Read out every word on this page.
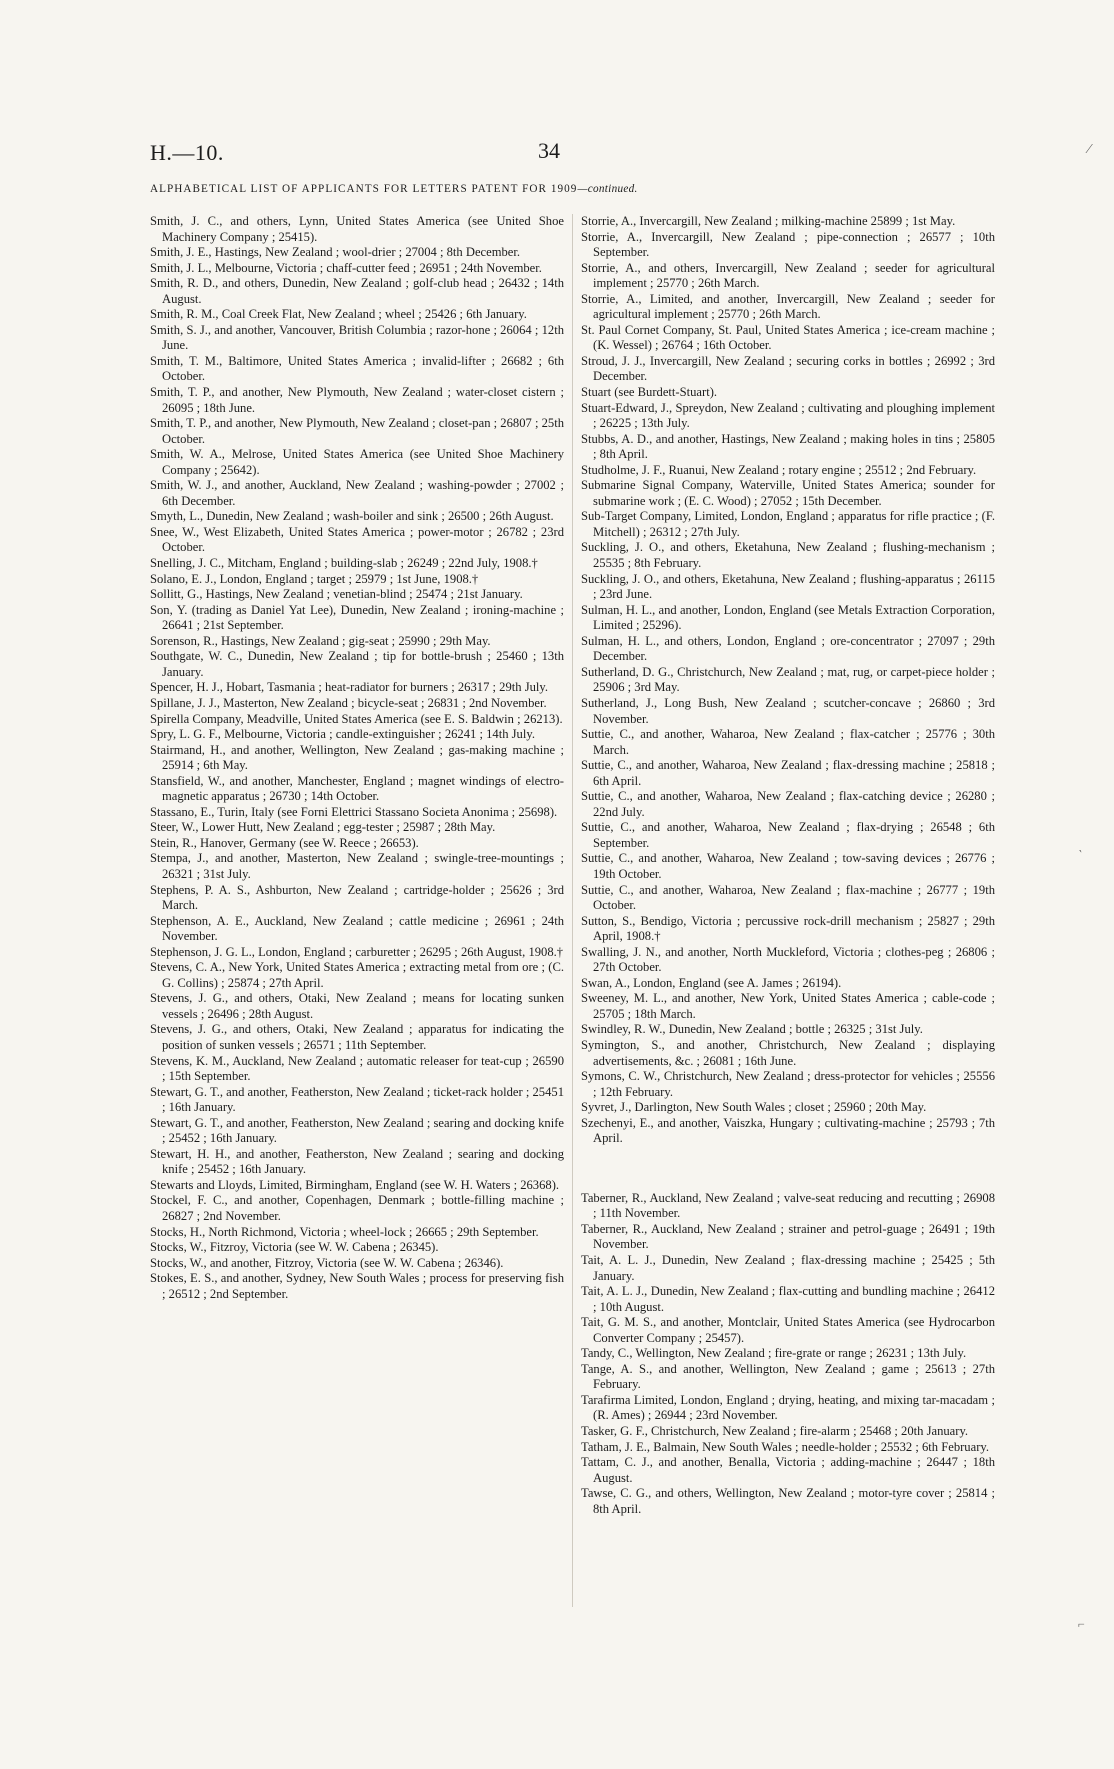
H.—10.	34
ALPHABETICAL LIST OF APPLICANTS FOR LETTERS PATENT FOR 1909—continued.
Smith, J. C., and others, Lynn, United States America (see United Shoe Machinery Company ; 25415).
Smith, J. E., Hastings, New Zealand ; wool-drier ; 27004 ; 8th December.
Smith, J. L., Melbourne, Victoria ; chaff-cutter feed ; 26951 ; 24th November.
Smith, R. D., and others, Dunedin, New Zealand ; golf-club head ; 26432 ; 14th August.
Smith, R. M., Coal Creek Flat, New Zealand ; wheel ; 25426 ; 6th January.
Smith, S. J., and another, Vancouver, British Columbia ; razor-hone ; 26064 ; 12th June.
Smith, T. M., Baltimore, United States America ; invalid-lifter ; 26682 ; 6th October.
Smith, T. P., and another, New Plymouth, New Zealand ; water-closet cistern ; 26095 ; 18th June.
Smith, T. P., and another, New Plymouth, New Zealand ; closet-pan ; 26807 ; 25th October.
Smith, W. A., Melrose, United States America (see United Shoe Machinery Company ; 25642).
Smith, W. J., and another, Auckland, New Zealand ; washing-powder ; 27002 ; 6th December.
Smyth, L., Dunedin, New Zealand ; wash-boiler and sink ; 26500 ; 26th August.
Snee, W., West Elizabeth, United States America ; power-motor ; 26782 ; 23rd October.
Snelling, J. C., Mitcham, England ; building-slab ; 26249 ; 22nd July, 1908.†
Solano, E. J., London, England ; target ; 25979 ; 1st June, 1908.†
Sollitt, G., Hastings, New Zealand ; venetian-blind ; 25474 ; 21st January.
Son, Y. (trading as Daniel Yat Lee), Dunedin, New Zealand ; ironing-machine ; 26641 ; 21st September.
Sorenson, R., Hastings, New Zealand ; gig-seat ; 25990 ; 29th May.
Southgate, W. C., Dunedin, New Zealand ; tip for bottle-brush ; 25460 ; 13th January.
Spencer, H. J., Hobart, Tasmania ; heat-radiator for burners ; 26317 ; 29th July.
Spillane, J. J., Masterton, New Zealand ; bicycle-seat ; 26831 ; 2nd November.
Spirella Company, Meadville, United States America (see E. S. Baldwin ; 26213).
Spry, L. G. F., Melbourne, Victoria ; candle-extinguisher ; 26241 ; 14th July.
Stairmand, H., and another, Wellington, New Zealand ; gas-making machine ; 25914 ; 6th May.
Stansfield, W., and another, Manchester, England ; magnet windings of electro-magnetic apparatus ; 26730 ; 14th October.
Stassano, E., Turin, Italy (see Forni Elettrici Stassano Societa Anonima ; 25698).
Steer, W., Lower Hutt, New Zealand ; egg-tester ; 25987 ; 28th May.
Stein, R., Hanover, Germany (see W. Reece ; 26653).
Stempa, J., and another, Masterton, New Zealand ; swingle-tree-mountings ; 26321 ; 31st July.
Stephens, P. A. S., Ashburton, New Zealand ; cartridge-holder ; 25626 ; 3rd March.
Stephenson, A. E., Auckland, New Zealand ; cattle medicine ; 26961 ; 24th November.
Stephenson, J. G. L., London, England ; carburetter ; 26295 ; 26th August, 1908.†
Stevens, C. A., New York, United States America ; extracting metal from ore ; (C. G. Collins) ; 25874 ; 27th April.
Stevens, J. G., and others, Otaki, New Zealand ; means for locating sunken vessels ; 26496 ; 28th August.
Stevens, J. G., and others, Otaki, New Zealand ; apparatus for indicating the position of sunken vessels ; 26571 ; 11th September.
Stevens, K. M., Auckland, New Zealand ; automatic releaser for teat-cup ; 26590 ; 15th September.
Stewart, G. T., and another, Featherston, New Zealand ; ticket-rack holder ; 25451 ; 16th January.
Stewart, G. T., and another, Featherston, New Zealand ; searing and docking knife ; 25452 ; 16th January.
Stewart, H. H., and another, Featherston, New Zealand ; searing and docking knife ; 25452 ; 16th January.
Stewarts and Lloyds, Limited, Birmingham, England (see W. H. Waters ; 26368).
Stockel, F. C., and another, Copenhagen, Denmark ; bottle-filling machine ; 26827 ; 2nd November.
Stocks, H., North Richmond, Victoria ; wheel-lock ; 26665 ; 29th September.
Stocks, W., Fitzroy, Victoria (see W. W. Cabena ; 26345).
Stocks, W., and another, Fitzroy, Victoria (see W. W. Cabena ; 26346).
Stokes, E. S., and another, Sydney, New South Wales ; process for preserving fish ; 26512 ; 2nd September.
Storrie, A., Invercargill, New Zealand ; milking-machine 25899 ; 1st May.
Storrie, A., Invercargill, New Zealand ; pipe-connection ; 26577 ; 10th September.
Storrie, A., and others, Invercargill, New Zealand ; seeder for agricultural implement ; 25770 ; 26th March.
Storrie, A., Limited, and another, Invercargill, New Zealand ; seeder for agricultural implement ; 25770 ; 26th March.
St. Paul Cornet Company, St. Paul, United States America ; ice-cream machine ; (K. Wessel) ; 26764 ; 16th October.
Stroud, J. J., Invercargill, New Zealand ; securing corks in bottles ; 26992 ; 3rd December.
Stuart (see Burdett-Stuart).
Stuart-Edward, J., Spreydon, New Zealand ; cultivating and ploughing implement ; 26225 ; 13th July.
Stubbs, A. D., and another, Hastings, New Zealand ; making holes in tins ; 25805 ; 8th April.
Studholme, J. F., Ruanui, New Zealand ; rotary engine ; 25512 ; 2nd February.
Submarine Signal Company, Waterville, United States America; sounder for submarine work ; (E. C. Wood) ; 27052 ; 15th December.
Sub-Target Company, Limited, London, England ; apparatus for rifle practice ; (F. Mitchell) ; 26312 ; 27th July.
Suckling, J. O., and others, Eketahuna, New Zealand ; flushing-mechanism ; 25535 ; 8th February.
Suckling, J. O., and others, Eketahuna, New Zealand ; flushing-apparatus ; 26115 ; 23rd June.
Sulman, H. L., and another, London, England (see Metals Extraction Corporation, Limited ; 25296).
Sulman, H. L., and others, London, England ; ore-concentrator ; 27097 ; 29th December.
Sutherland, D. G., Christchurch, New Zealand ; mat, rug, or carpet-piece holder ; 25906 ; 3rd May.
Sutherland, J., Long Bush, New Zealand ; scutcher-concave ; 26860 ; 3rd November.
Suttie, C., and another, Waharoa, New Zealand ; flax-catcher ; 25776 ; 30th March.
Suttie, C., and another, Waharoa, New Zealand ; flax-dressing machine ; 25818 ; 6th April.
Suttie, C., and another, Waharoa, New Zealand ; flax-catching device ; 26280 ; 22nd July.
Suttie, C., and another, Waharoa, New Zealand ; flax-drying ; 26548 ; 6th September.
Suttie, C., and another, Waharoa, New Zealand ; tow-saving devices ; 26776 ; 19th October.
Suttie, C., and another, Waharoa, New Zealand ; flax-machine ; 26777 ; 19th October.
Sutton, S., Bendigo, Victoria ; percussive rock-drill mechanism ; 25827 ; 29th April, 1908.†
Swalling, J. N., and another, North Muckleford, Victoria ; clothes-peg ; 26806 ; 27th October.
Swan, A., London, England (see A. James ; 26194).
Sweeney, M. L., and another, New York, United States America ; cable-code ; 25705 ; 18th March.
Swindley, R. W., Dunedin, New Zealand ; bottle ; 26325 ; 31st July.
Symington, S., and another, Christchurch, New Zealand ; displaying advertisements, &c. ; 26081 ; 16th June.
Symons, C. W., Christchurch, New Zealand ; dress-protector for vehicles ; 25556 ; 12th February.
Syvret, J., Darlington, New South Wales ; closet ; 25960 ; 20th May.
Szechenyi, E., and another, Vaiszka, Hungary ; cultivating-machine ; 25793 ; 7th April.
Taberner, R., Auckland, New Zealand ; valve-seat reducing and recutting ; 26908 ; 11th November.
Taberner, R., Auckland, New Zealand ; strainer and petrol-guage ; 26491 ; 19th November.
Tait, A. L. J., Dunedin, New Zealand ; flax-dressing machine ; 25425 ; 5th January.
Tait, A. L. J., Dunedin, New Zealand ; flax-cutting and bundling machine ; 26412 ; 10th August.
Tait, G. M. S., and another, Montclair, United States America (see Hydrocarbon Converter Company ; 25457).
Tandy, C., Wellington, New Zealand ; fire-grate or range ; 26231 ; 13th July.
Tange, A. S., and another, Wellington, New Zealand ; game ; 25613 ; 27th February.
Tarafirma Limited, London, England ; drying, heating, and mixing tar-macadam ; (R. Ames) ; 26944 ; 23rd November.
Tasker, G. F., Christchurch, New Zealand ; fire-alarm ; 25468 ; 20th January.
Tatham, J. E., Balmain, New South Wales ; needle-holder ; 25532 ; 6th February.
Tattam, C. J., and another, Benalla, Victoria ; adding-machine ; 26447 ; 18th August.
Tawse, C. G., and others, Wellington, New Zealand ; motor-tyre cover ; 25814 ; 8th April.
⁄
‵
⌐
